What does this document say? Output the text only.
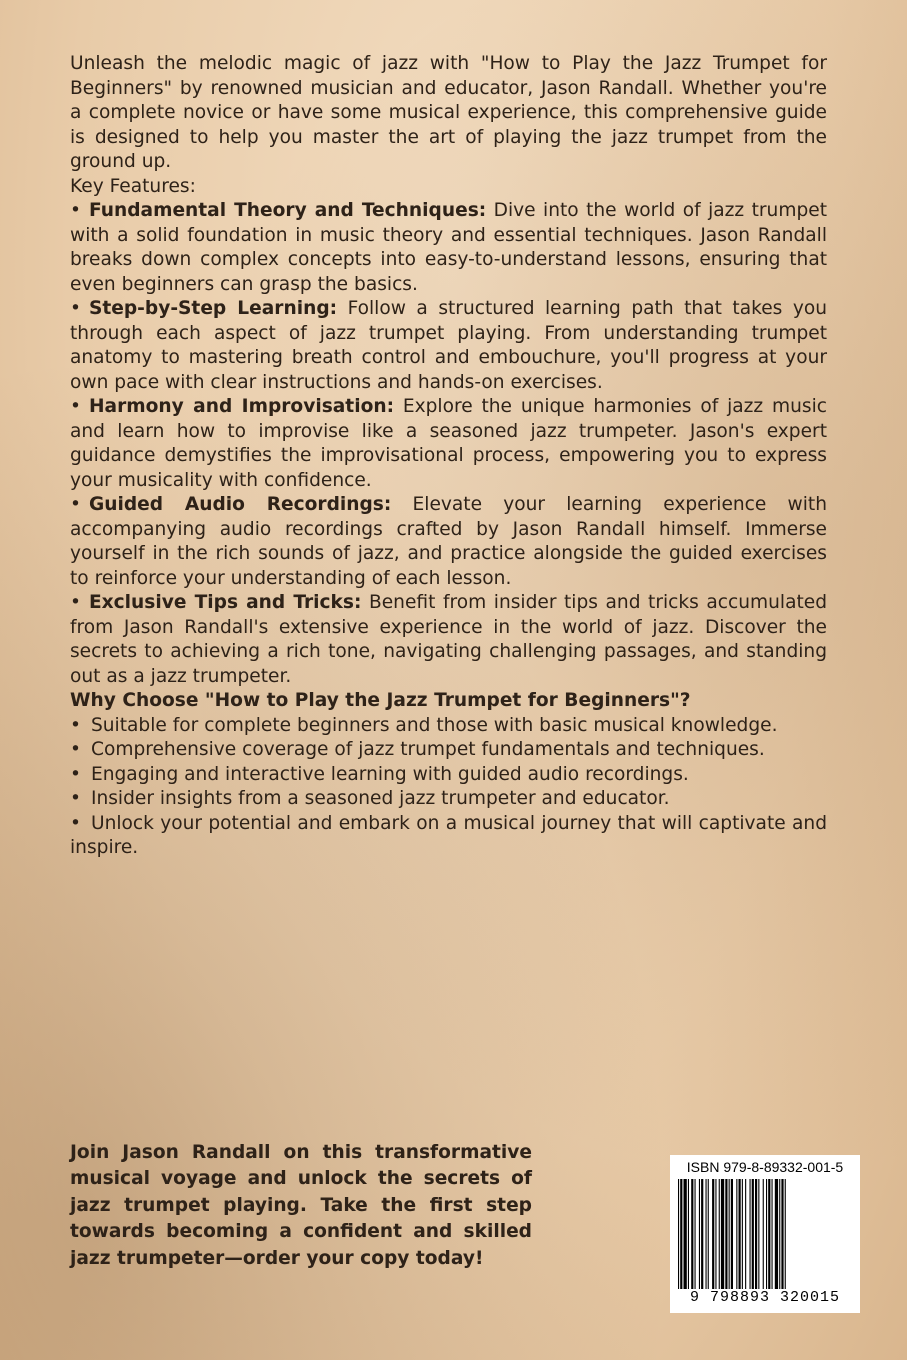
Unleash the melodic magic of jazz with "How to Play the Jazz Trumpet for Beginners" by renowned musician and educator, Jason Randall. Whether you're a complete novice or have some musical experience, this comprehensive guide is designed to help you master the art of playing the jazz trumpet from the ground up.

Key Features:

• Fundamental Theory and Techniques: Dive into the world of jazz trumpet with a solid foundation in music theory and essential techniques. Jason Randall breaks down complex concepts into easy-to-understand lessons, ensuring that even beginners can grasp the basics.

• Step-by-Step Learning: Follow a structured learning path that takes you through each aspect of jazz trumpet playing. From understanding trumpet anatomy to mastering breath control and embouchure, you'll progress at your own pace with clear instructions and hands-on exercises.

• Harmony and Improvisation: Explore the unique harmonies of jazz music and learn how to improvise like a seasoned jazz trumpeter. Jason's expert guidance demystifies the improvisational process, empowering you to express your musicality with confidence.

• Guided Audio Recordings: Elevate your learning experience with accompanying audio recordings crafted by Jason Randall himself. Immerse yourself in the rich sounds of jazz, and practice alongside the guided exercises to reinforce your understanding of each lesson.

• Exclusive Tips and Tricks: Benefit from insider tips and tricks accumulated from Jason Randall's extensive experience in the world of jazz. Discover the secrets to achieving a rich tone, navigating challenging passages, and standing out as a jazz trumpeter.

Why Choose "How to Play the Jazz Trumpet for Beginners"?

• Suitable for complete beginners and those with basic musical knowledge.

• Comprehensive coverage of jazz trumpet fundamentals and techniques.

• Engaging and interactive learning with guided audio recordings.

• Insider insights from a seasoned jazz trumpeter and educator.

• Unlock your potential and embark on a musical journey that will captivate and inspire.

Join Jason Randall on this transformative musical voyage and unlock the secrets of jazz trumpet playing. Take the first step towards becoming a confident and skilled jazz trumpeter—order your copy today!

ISBN 979-8-89332-001-5
9 798893 320015
